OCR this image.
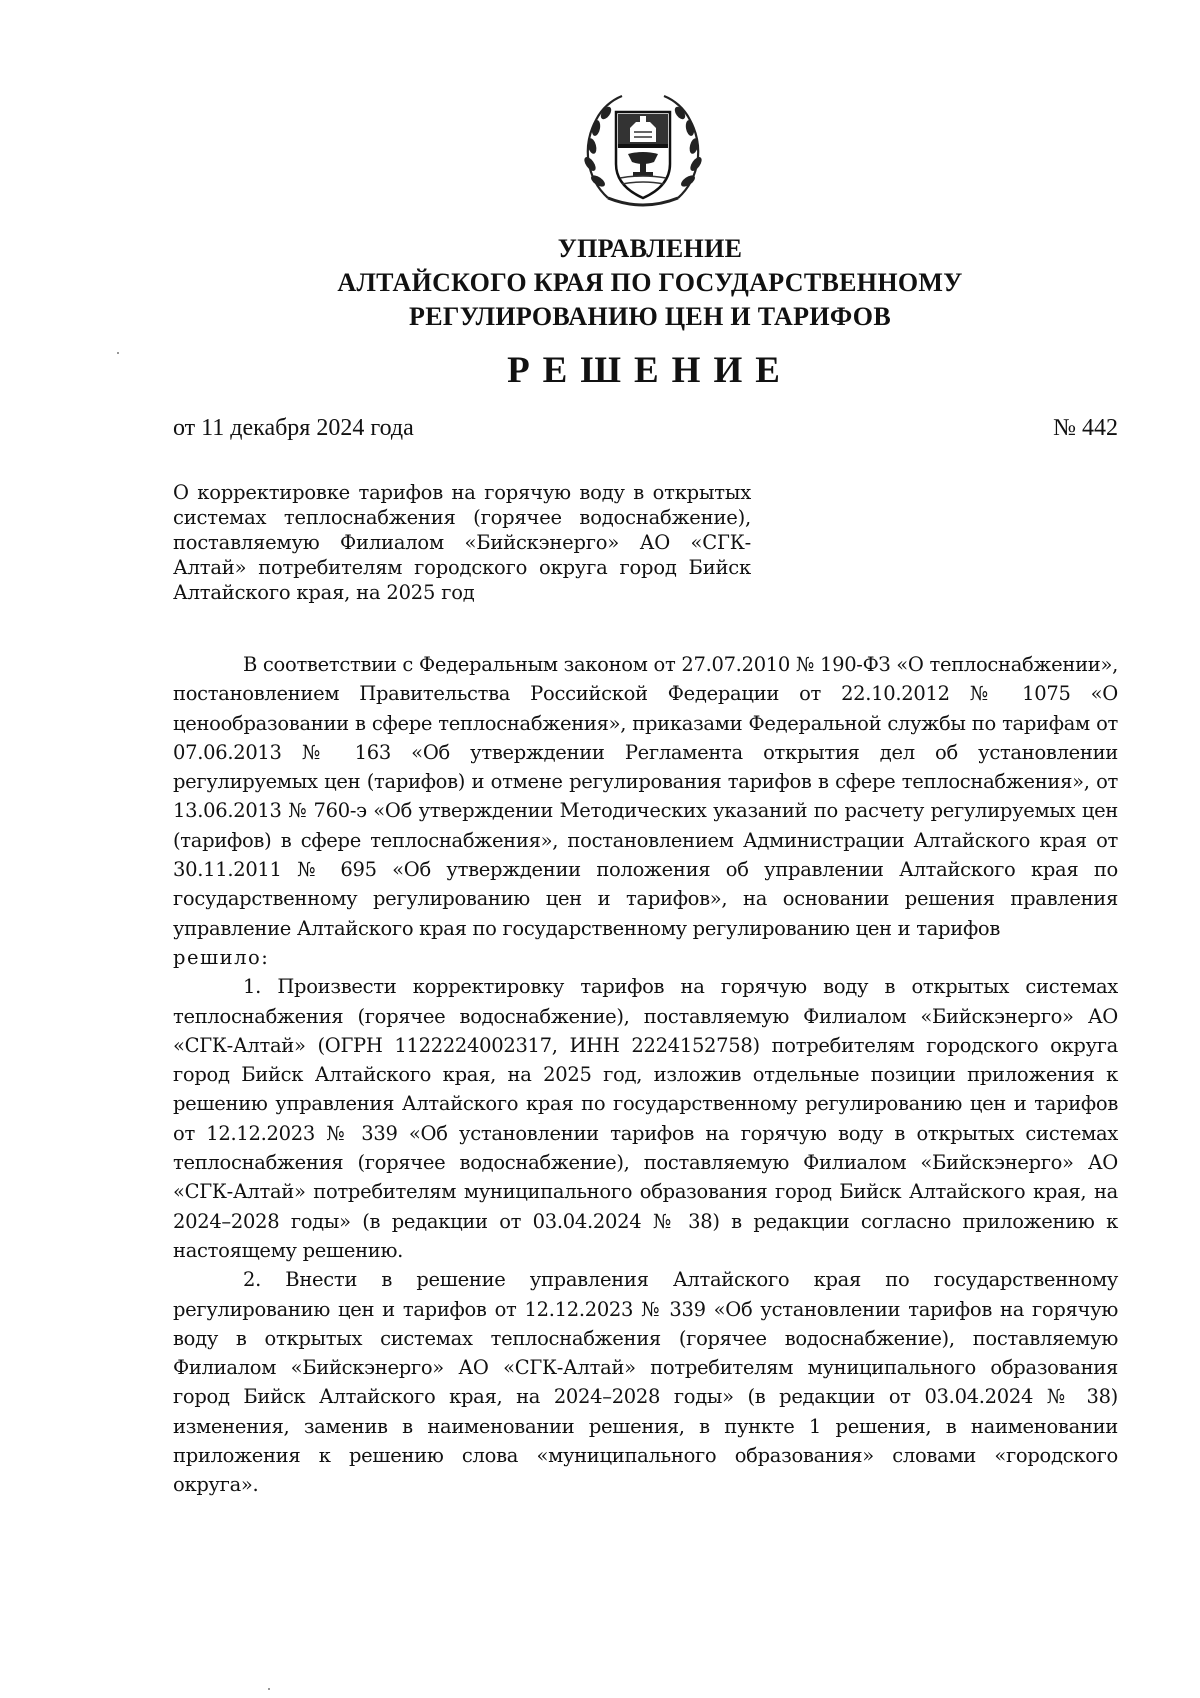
УПРАВЛЕНИЕ
АЛТАЙСКОГО КРАЯ ПО ГОСУДАРСТВЕННОМУ
РЕГУЛИРОВАНИЮ ЦЕН И ТАРИФОВ
РЕШЕНИЕ
от 11 декабря 2024 года	№ 442
О корректировке тарифов на горячую воду в открытых системах теплоснабжения (горячее водоснабжение), поставляемую Филиалом «Бийскэнерго» АО «СГК-Алтай» потребителям городского округа город Бийск Алтайского края, на 2025 год

В соответствии с Федеральным законом от 27.07.2010 № 190-ФЗ «О теплоснабжении», постановлением Правительства Российской Федерации от 22.10.2012 № 1075 «О ценообразовании в сфере теплоснабжения», приказами Федеральной службы по тарифам от 07.06.2013 № 163 «Об утверждении Регламента открытия дел об установлении регулируемых цен (тарифов) и отмене регулирования тарифов в сфере теплоснабжения», от 13.06.2013 № 760-э «Об утверждении Методических указаний по расчету регулируемых цен (тарифов) в сфере теплоснабжения», постановлением Администрации Алтайского края от 30.11.2011 № 695 «Об утверждении положения об управлении Алтайского края по государственному регулированию цен и тарифов», на основании решения правления управление Алтайского края по государственному регулированию цен и тарифов

решило:

1. Произвести корректировку тарифов на горячую воду в открытых системах теплоснабжения (горячее водоснабжение), поставляемую Филиалом «Бийскэнерго» АО «СГК-Алтай» (ОГРН 1122224002317, ИНН 2224152758) потребителям городского округа город Бийск Алтайского края, на 2025 год, изложив отдельные позиции приложения к решению управления Алтайского края по государственному регулированию цен и тарифов от 12.12.2023 № 339 «Об установлении тарифов на горячую воду в открытых системах теплоснабжения (горячее водоснабжение), поставляемую Филиалом «Бийскэнерго» АО «СГК-Алтай» потребителям муниципального образования город Бийск Алтайского края, на 2024–2028 годы» (в редакции от 03.04.2024 № 38) в редакции согласно приложению к настоящему решению.

2. Внести в решение управления Алтайского края по государственному регулированию цен и тарифов от 12.12.2023 № 339 «Об установлении тарифов на горячую воду в открытых системах теплоснабжения (горячее водоснабжение), поставляемую Филиалом «Бийскэнерго» АО «СГК-Алтай» потребителям муниципального образования город Бийск Алтайского края, на 2024–2028 годы» (в редакции от 03.04.2024 № 38) изменения, заменив в наименовании решения, в пункте 1 решения, в наименовании приложения к решению слова «муниципального образования» словами «городского округа».
